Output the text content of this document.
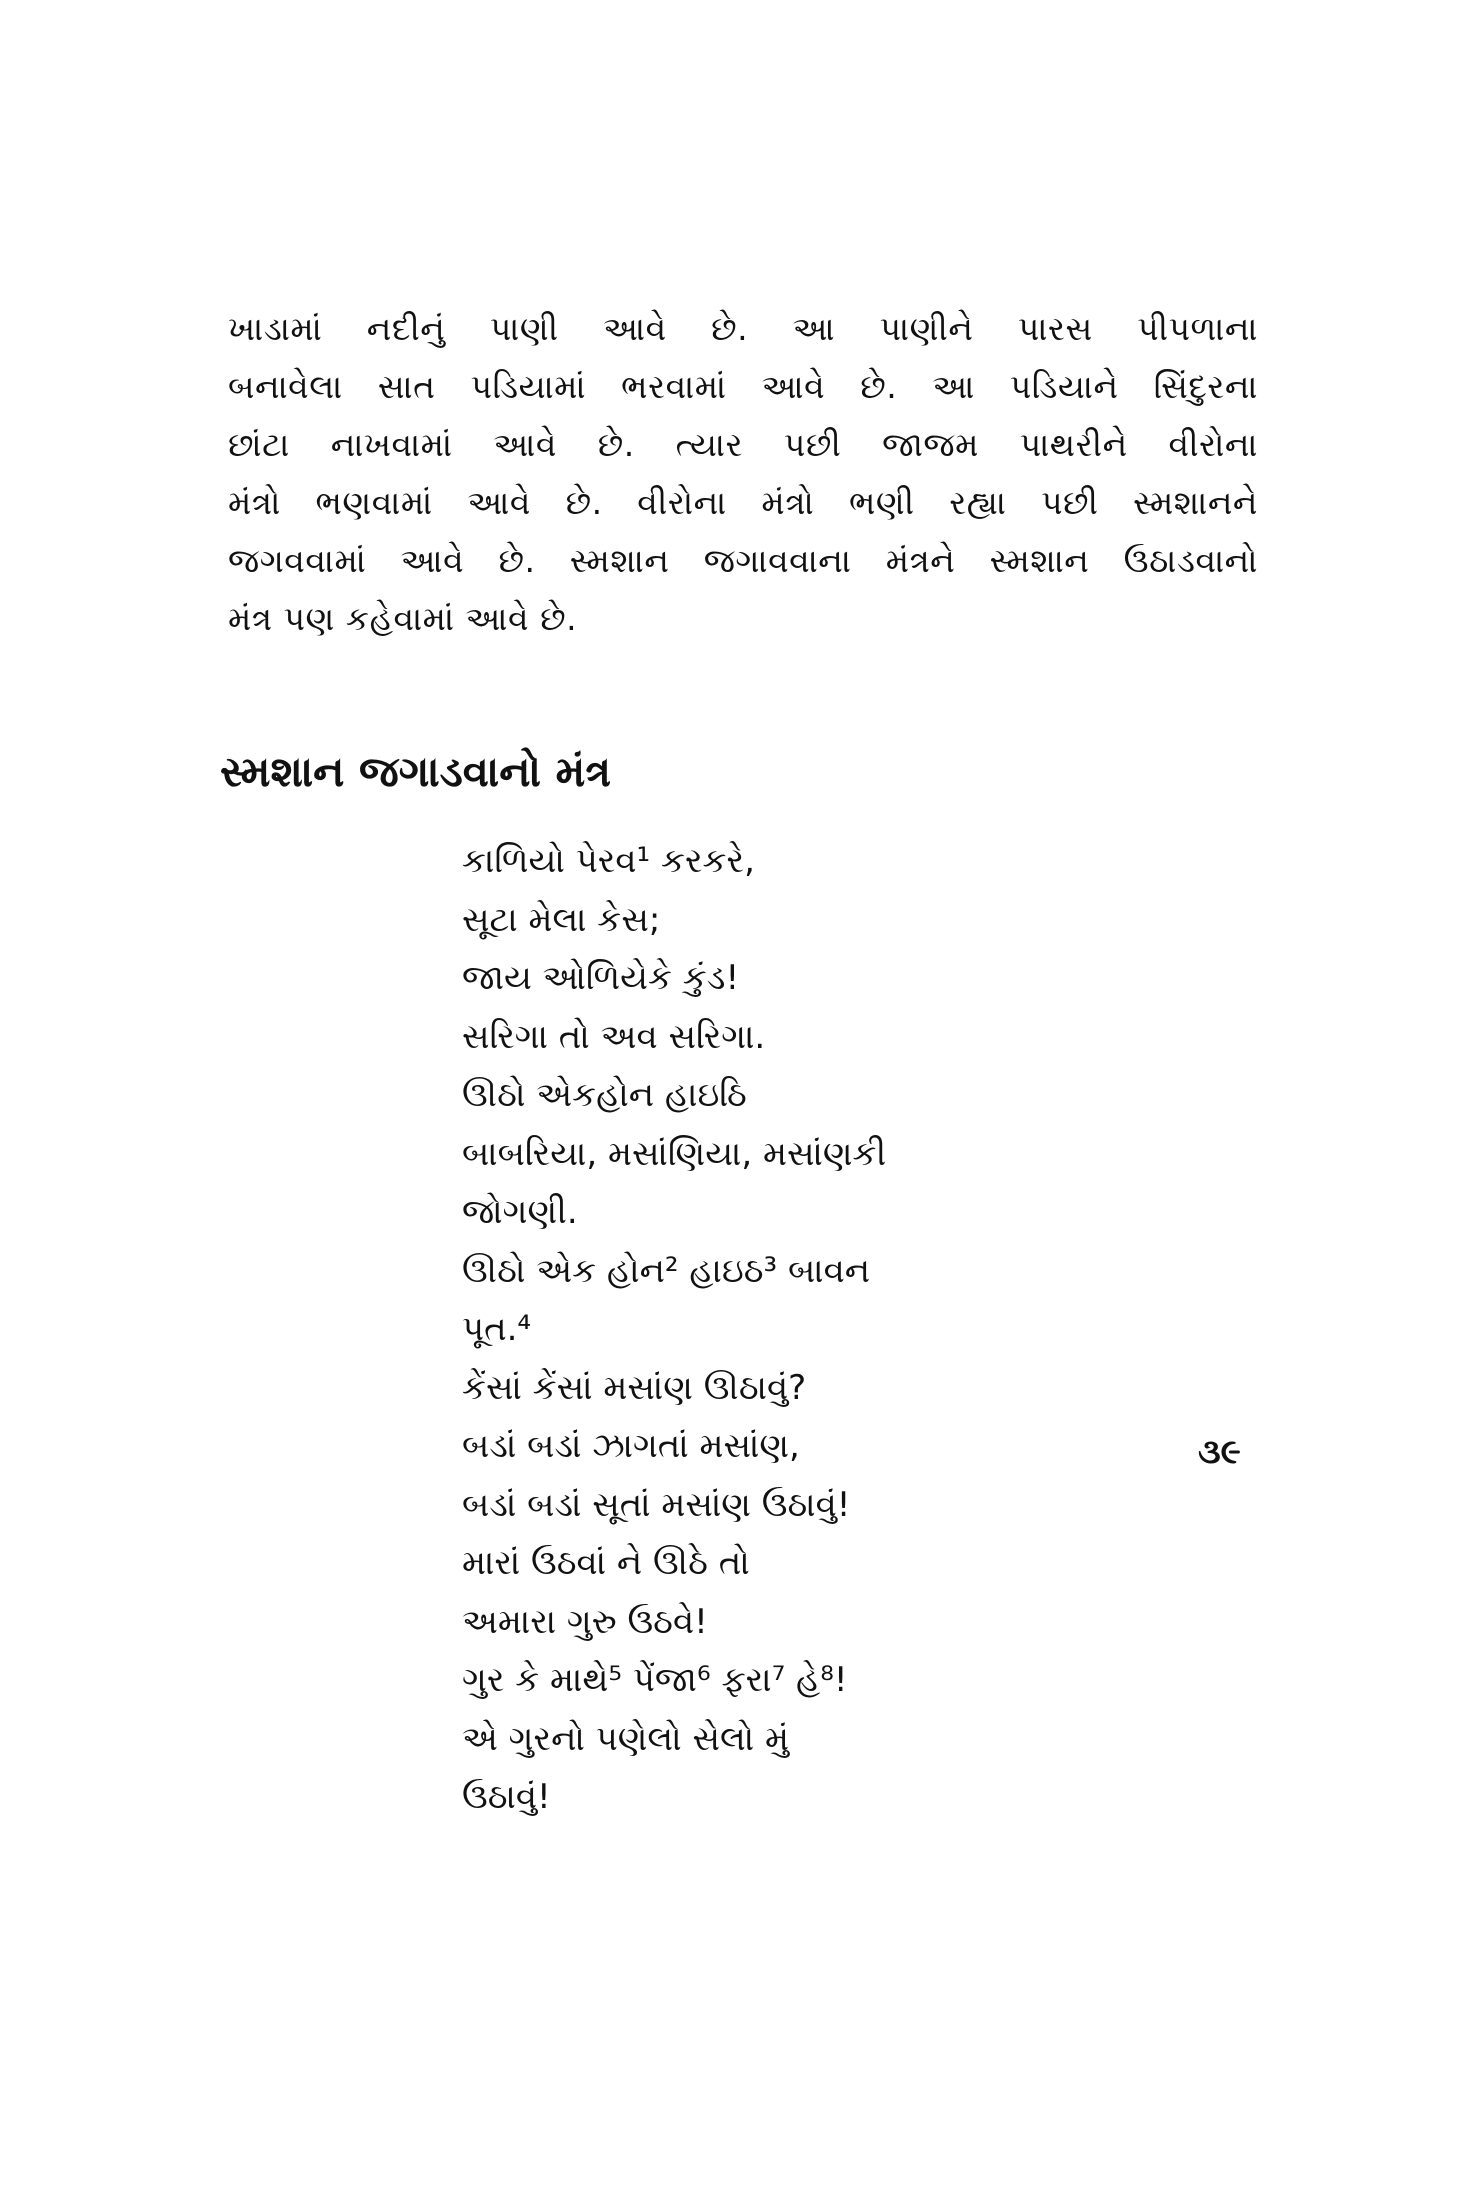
ખાડામાં નદીનું પાણી આવે છે. આ પાણીને પારસ પીપળાના
બનાવેલા સાત પડિયામાં ભરવામાં આવે છે. આ પડિયાને સિંદુરના
છાંટા નાખવામાં આવે છે. ત્યાર પછી જાજમ પાથરીને વીરોના
મંત્રો ભણવામાં આવે છે. વીરોના મંત્રો ભણી રહ્યા પછી સ્મશાનને
જગવવામાં આવે છે. સ્મશાન જગાવવાના મંત્રને સ્મશાન ઉઠાડવાનો
મંત્ર પણ કહેવામાં આવે છે.
સ્મશાન જગાડવાનો મંત્ર
કાળિયો પેરવ¹ કરકરે,
સૂટા મેલા કેસ;
જાય ઓળિયેકે કુંડ!
સરિગા તો અવ સરિગા.
ઊઠો એકહોન હાઇઠિ
બાબરિયા, મસાંણિયા, મસાંણકી
જોગણી.
ઊઠો એક હોન² હાઇઠ³ બાવન
પૂત.⁴
કેંસાં કેંસાં મસાંણ ઊઠાવું?
બડાં બડાં ઝાગતાં મસાંણ,
બડાં બડાં સૂતાં મસાંણ ઉઠાવું!
મારાં ઉઠવાં ને ઊઠે તો
અમારા ગુરુ ઉઠવે!
ગુર કે માથે⁵ પેંજા⁶ ફરા⁷ હે⁸!
એ ગુરનો પણેલો સેલો મું
ઉઠાવું!

૩૯
